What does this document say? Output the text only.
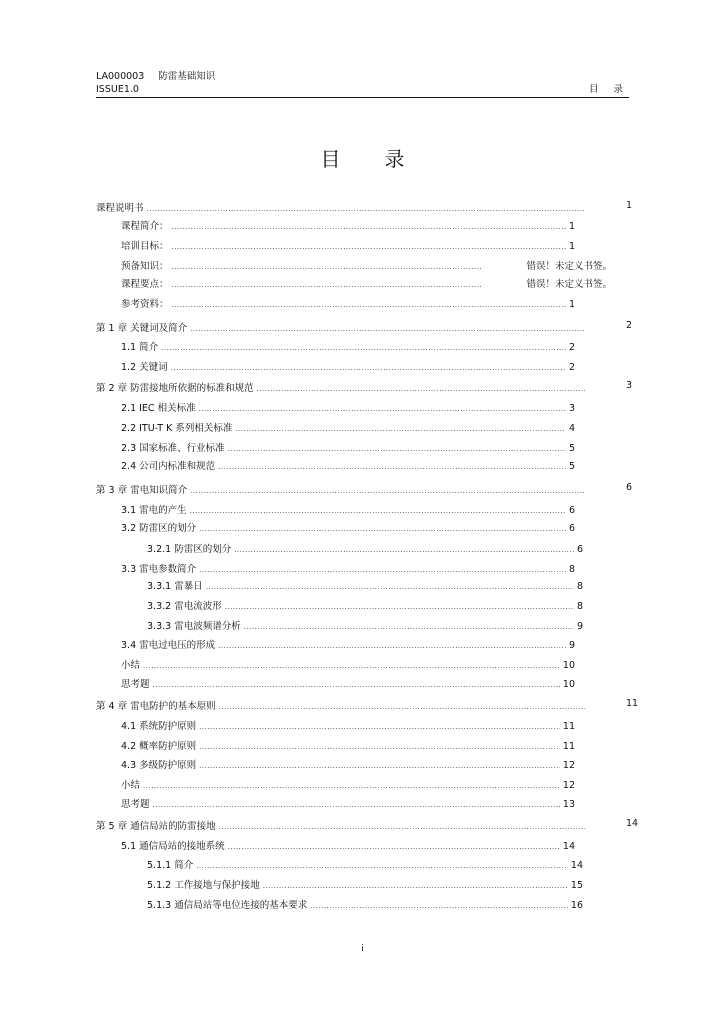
LA000003 防雷基础知识
ISSUE1.0	目 录
目录
课程说明书 .....	1
课程简介： .....	1
培训目标： .....	1
预备知识： .....	错误！未定义书签。
课程要点： .....	错误！未定义书签。
参考资料： .....	1
第 1 章 关键词及简介 .....	2
1.1 简介 .....	2
1.2 关键词 .....	2
第 2 章 防雷接地所依据的标准和规范 .....	3
2.1 IEC 相关标准 .....	3
2.2 ITU-T K 系列相关标准 .....	4
2.3 国家标准、行业标准 .....	5
2.4 公司内标准和规范 .....	5
第 3 章 雷电知识简介 .....	6
3.1 雷电的产生 .....	6
3.2 防雷区的划分 .....	6
3.2.1 防雷区的划分 .....	6
3.3 雷电参数简介 .....	8
3.3.1 雷暴日 .....	8
3.3.2 雷电流波形 .....	8
3.3.3 雷电波频谱分析 .....	9
3.4 雷电过电压的形成 .....	9
小结 .....	10
思考题 .....	10
第 4 章 雷电防护的基本原则 .....	11
4.1 系统防护原则 .....	11
4.2 概率防护原则 .....	11
4.3 多级防护原则 .....	12
小结 .....	12
思考题 .....	13
第 5 章 通信局站的防雷接地 .....	14
5.1 通信局站的接地系统 .....	14
5.1.1 简介 .....	14
5.1.2 工作接地与保护接地 .....	15
5.1.3 通信局站等电位连接的基本要求 .....	16
i
